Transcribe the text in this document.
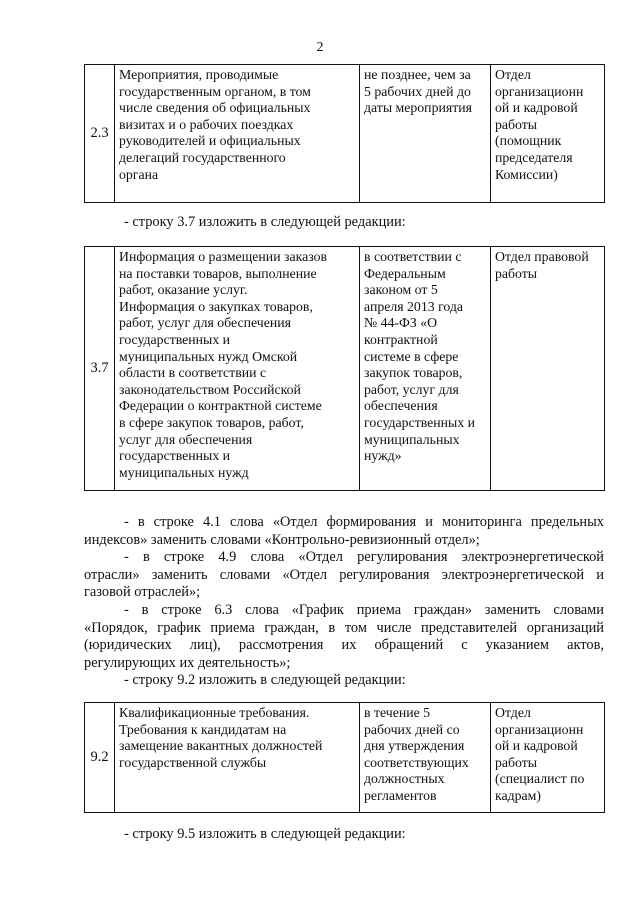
2
2.3	Мероприятия, проводимые
государственным органом, в том
числе сведения об официальных
визитах и о рабочих поездках
руководителей и официальных
делегаций государственного
органа	не позднее, чем за
5 рабочих дней до
даты мероприятия	Отдел
организационн
ой и кадровой
работы
(помощник
председателя
Комиссии)
- строку 3.7 изложить в следующей редакции:
3.7	Информация о размещении заказов
на поставки товаров, выполнение
работ, оказание услуг.
Информация о закупках товаров,
работ, услуг для обеспечения
государственных и
муниципальных нужд Омской
области в соответствии с
законодательством Российской
Федерации о контрактной системе
в сфере закупок товаров, работ,
услуг для обеспечения
государственных и
муниципальных нужд	в соответствии с
Федеральным
законом от 5
апреля 2013 года
№ 44-ФЗ «О
контрактной
системе в сфере
закупок товаров,
работ, услуг для
обеспечения
государственных и
муниципальных
нужд»	Отдел правовой
работы
- в строке 4.1 слова «Отдел формирования и мониторинга предельных
индексов» заменить словами «Контрольно-ревизионный отдел»;
- в строке 4.9 слова «Отдел регулирования электроэнергетической
отрасли» заменить словами «Отдел регулирования электроэнергетической и
газовой отраслей»;
- в строке 6.3 слова «График приема граждан» заменить словами
«Порядок, график приема граждан, в том числе представителей организаций
(юридических лиц), рассмотрения их обращений с указанием актов,
регулирующих их деятельность»;
- строку 9.2 изложить в следующей редакции:
9.2	Квалификационные требования.
Требования к кандидатам на
замещение вакантных должностей
государственной службы	в течение 5
рабочих дней со
дня утверждения
соответствующих
должностных
регламентов	Отдел
организационн
ой и кадровой
работы
(специалист по
кадрам)
- строку 9.5 изложить в следующей редакции:
